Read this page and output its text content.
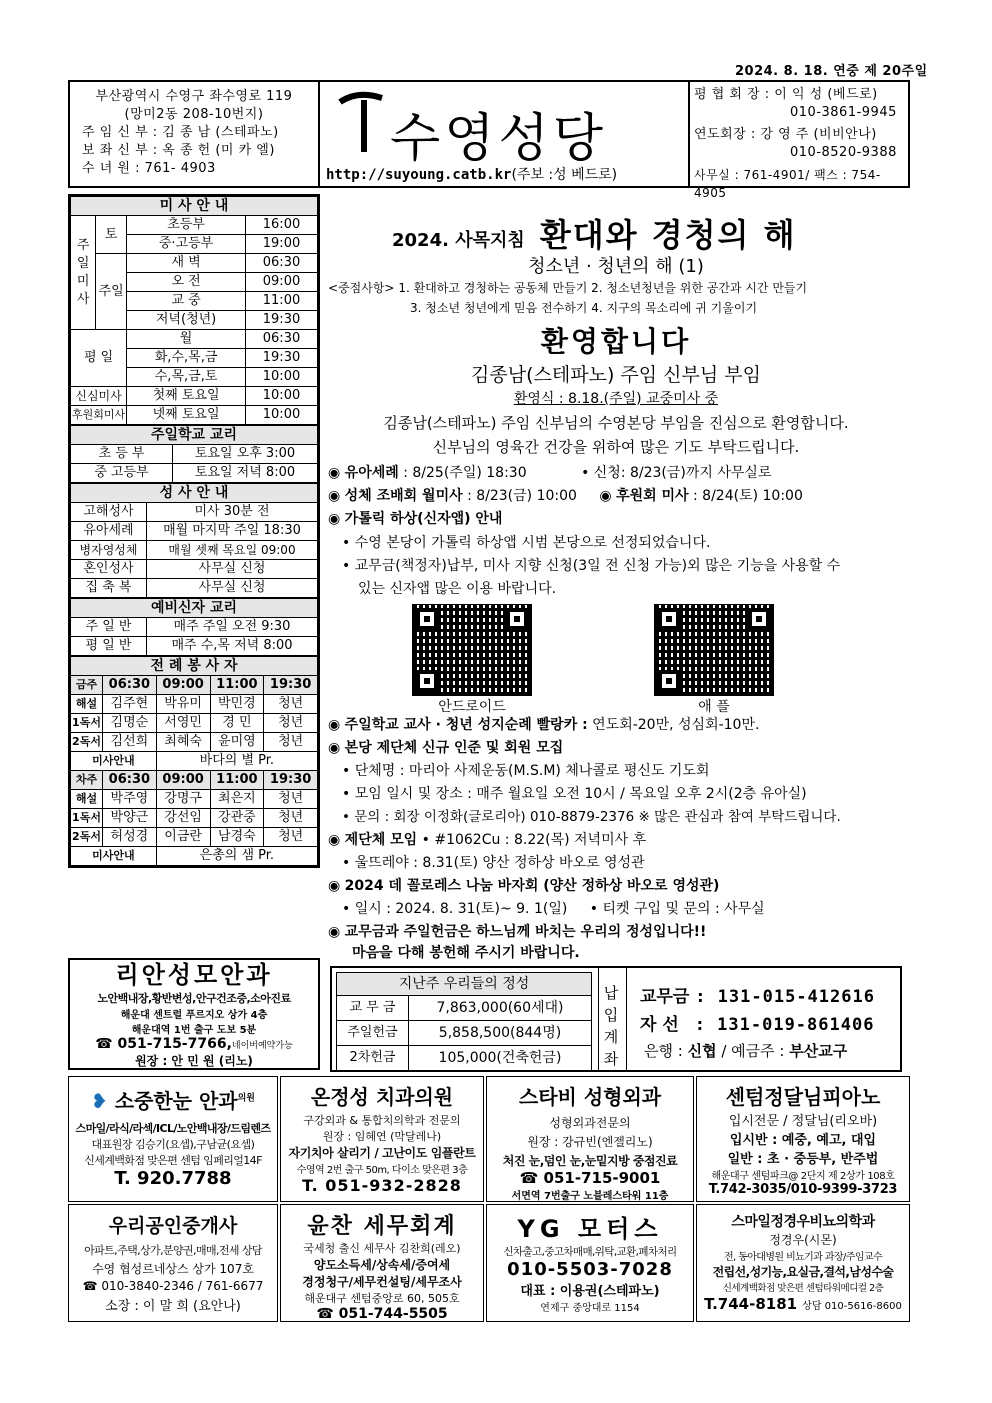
2024. 8. 18. 연중 제 20주일
부산광역시 수영구 좌수영로 119
(망미2동 208-10번지)
주 임 신 부 : 김 종 남 (스테파노)
보 좌 신 부 : 옥 종 헌 (미 카 엘)
수 녀 원 : 761- 4903	수영성당
http://suyoung.catb.kr(주보 :성 베드로)
평 협 회 장 : 이 익 성 (베드로)
010-3861-9945
연도회장 : 강 영 주 (비비안나)
010-8520-9388
사무실 : 761-4901/ 팩스 : 754-4905
미 사 안 내			
주일미사	토	초등부	16:00
		중·고등부	19:00
	주일	새 벽	06:30
		오 전	09:00
		교 중	11:00
		저녁(청년)	19:30
평 일		월	06:30
		화,수,목,금	19:30
		수,목,금,토	10:00
신심미사		첫째 토요일	10:00
후원회미사		넷째 토요일	10:00
주일학교 교리	
초 등 부	토요일 오후 3:00
중 고등부	토요일 저녁 8:00
성 사 안 내	
고해성사	미사 30분 전
유아세례	매월 마지막 주일 18:30
병자영성체	매월 셋째 목요일 09:00
혼인성사	사무실 신청
집 축 복	사무실 신청
예비신자 교리	
주 일 반	매주 주일 오전 9:30
평 일 반	매주 수,목 저녁 8:00
전 례 봉 사 자				
금주	06:30	09:00	11:00	19:30
해설	김주현	박유미	박민경	청년
1독서	김명순	서영민	경 민	청년
2독서	김선희	최혜숙	윤미영	청년
미사안내		바다의 별 Pr.		
차주	06:30	09:00	11:00	19:30
해설	박주영	강명구	최은지	청년
1독서	박양근	강선임	강관중	청년
2독서	허성경	이금란	남경숙	청년
미사안내		은총의 샘 Pr.		
리안성모안과
노안백내장,황반변성,안구건조증,소아진료
해운대 센트럴 푸르지오 상가 4층
해운대역 1번 출구 도보 5분
☎ 051-715-7766,네이버예약가능
원장 : 안 민 원 (리노)
2024. 사목지침 환대와 경청의 해
청소년 · 청년의 해 (1)
<중점사항> 1. 환대하고 경청하는 공동체 만들기 2. 청소년청년을 위한 공간과 시간 만들기
3. 청소년 청년에게 믿음 전수하기 4. 지구의 목소리에 귀 기울이기
환영합니다
김종남(스테파노) 주임 신부님 부임
환영식 : 8.18.(주일) 교중미사 중
김종남(스테파노) 주임 신부님의 수영본당 부임을 진심으로 환영합니다.
신부님의 영육간 건강을 위하여 많은 기도 부탁드립니다.
◉ 유아세례 : 8/25(주일) 18:30	• 신청: 8/23(금)까지 사무실로
◉ 성체 조배회 월미사 : 8/23(금) 10:00 ◉ 후원회 미사 : 8/24(토) 10:00
◉ 가톨릭 하상(신자앱) 안내
• 수영 본당이 가톨릭 하상앱 시범 본당으로 선정되었습니다.
• 교무금(책정자)납부, 미사 지향 신청(3일 전 신청 가능)외 많은 기능을 사용할 수
있는 신자앱 많은 이용 바랍니다.
안드로이드	애 플
◉ 주일학교 교사 · 청년 성지순례 빨랑카 : 연도회-20만, 성심회-10만.
◉ 본당 제단체 신규 인준 및 회원 모집
• 단체명 : 마리아 사제운동(M.S.M) 체나콜로 평신도 기도회
• 모임 일시 및 장소 : 매주 월요일 오전 10시 / 목요일 오후 2시(2층 유아실)
• 문의 : 회장 이정화(글로리아) 010-8879-2376 ※ 많은 관심과 참여 부탁드립니다.
◉ 제단체 모임 • #1062Cu : 8.22(목) 저녁미사 후
• 울뜨레야 : 8.31(토) 양산 정하상 바오로 영성관
◉ 2024 데 꼴로레스 나눔 바자회 (양산 정하상 바오로 영성관)
• 일시 : 2024. 8. 31(토)~ 9. 1(일) • 티켓 구입 및 문의 : 사무실
◉ 교무금과 주일헌금은 하느님께 바치는 우리의 정성입니다!!
마음을 다해 봉헌해 주시기 바랍니다.
지난주 우리들의 정성	
교 무 금	7,863,000(60세대)
주일헌금	5,858,500(844명)
2차헌금	105,000(건축헌금)
납입계좌
교무금 : 131-015-412616
자 선 : 131-019-861406
은행 : 신협 / 예금주 : 부산교구
❥ 소중한눈 안과$^{의원}$
스마일/라식/라섹/ICL/노안백내장/드림렌즈
대표원장 김승기(요셉),구남균(요셉)
신세계백화점 맞은편 센텀 임페리얼14F
T. 920.7788
온정성 치과의원
구강외과 & 통합치의학과 전문의
원장 : 임혜연 (막달레나)
자기치아 살리기 / 고난이도 임플란트
수영역 2번 출구 50m, 다이소 맞은편 3층
T. 051-932-2828
스타비 성형외과
성형외과전문의
원장 : 강규빈(엔젤리노)
처진 눈,덤인 눈,눈밑지방 중점진료
☎ 051-715-9001
서면역 7번출구 노블레스타워 11층
센텀정달님피아노
입시전문 / 정달님(리오바)
입시반 : 예중, 예고, 대입
일반 : 초 · 중등부, 반주법
해운대구 센텀파크@ 2단지 제 2상가 108호
T.742-3035/010-9399-3723
우리공인중개사
아파트,주택,상가,분양권,매매,전세 상담
수영 협성르네상스 상가 107호
☎ 010-3840-2346 / 761-6677
소장 : 이 말 희 (요안나)
윤찬 세무회계
국세청 출신 세무사 김찬희(레오)
양도소득세/상속세/증여세
경정청구/세무컨설팅/세무조사
해운대구 센텀중앙로 60, 505호
☎ 051-744-5505
YG 모터스
신차출고,중고차매매,위탁,교환,폐차처리
010-5503-7028
대표 : 이용권(스테파노)
연제구 중앙대로 1154
스마일정경우비뇨의학과
정경우(시몬)
전, 동아대병원 비뇨기과 과장/주임교수
전립선,성기능,요실금,결석,남성수술
신세계백화점 맞은편 센텀타워메디컬 2층
T.744-8181 상담 010-5616-8600
